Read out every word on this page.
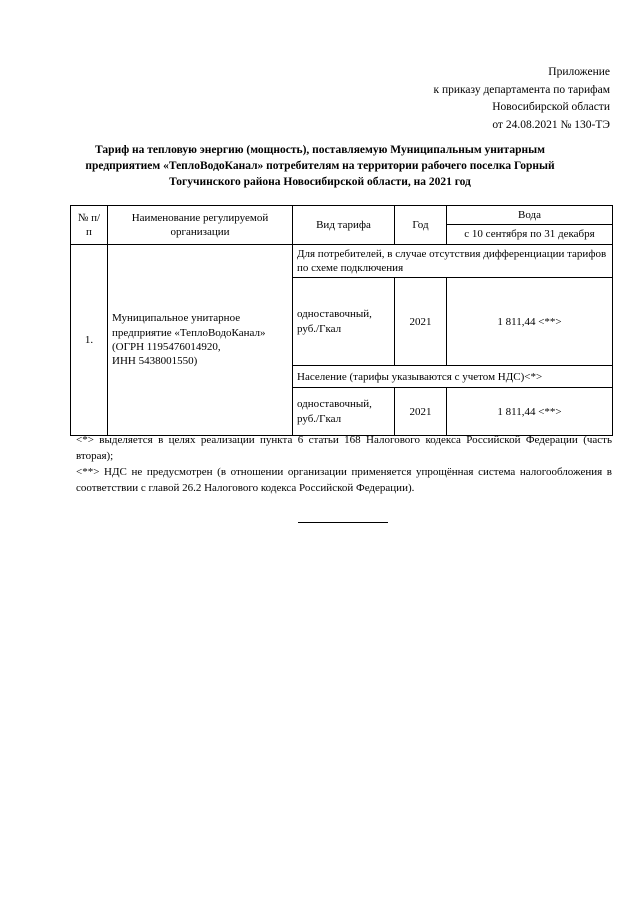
Приложение
к приказу департамента по тарифам
Новосибирской области
от 24.08.2021 № 130-ТЭ
Тариф на тепловую энергию (мощность), поставляемую Муниципальным унитарным
предприятием «ТеплоВодоКанал» потребителям на территории рабочего поселка Горный
Тогучинского района Новосибирской области, на 2021 год
№ п/п	Наименование регулируемой организации	Вид тарифа	Год	Вода
				с 10 сентября по 31 декабря
1.	Муниципальное унитарное предприятие «ТеплоВодоКанал»
(ОГРН 1195476014920,
ИНН 5438001550)	Для потребителей, в случае отсутствия дифференциации тарифов по схеме подключения		
		одноставочный, руб./Гкал	2021	1 811,44 <**>
		Население (тарифы указываются с учетом НДС)<*>		
		одноставочный, руб./Гкал	2021	1 811,44 <**>

<*> выделяется в целях реализации пункта 6 статьи 168 Налогового кодекса Российской Федерации (часть вторая);

<**> НДС не предусмотрен (в отношении организации применяется упрощённая система налогообложения в соответствии с главой 26.2 Налогового кодекса Российской Федерации).
